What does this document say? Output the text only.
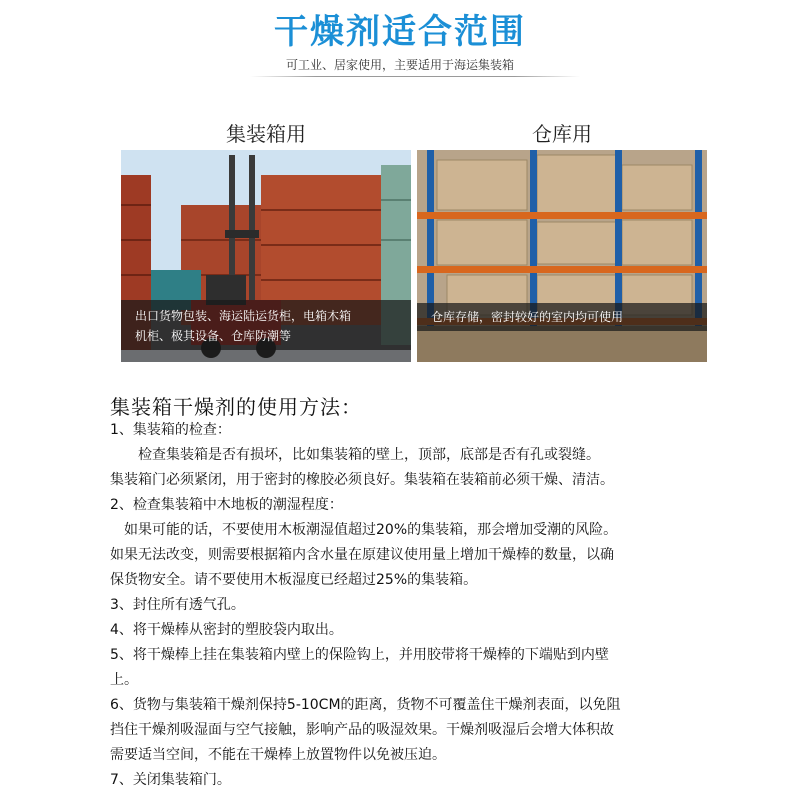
干燥剂适合范围
可工业、居家使用，主要适用于海运集装箱
集装箱用	仓库用
出口货物包装、海运陆运货柜，电箱木箱
机柜、极其设备、仓库防潮等
仓库存储，密封较好的室内均可使用
集装箱干燥剂的使用方法：
1、集装箱的检查：
　　检查集装箱是否有损坏，比如集装箱的壁上，顶部，底部是否有孔或裂缝。
集装箱门必须紧闭，用于密封的橡胶必须良好。集装箱在装箱前必须干燥、清洁。
2、检查集装箱中木地板的潮湿程度：
　如果可能的话，不要使用木板潮湿值超过20%的集装箱，那会增加受潮的风险。
如果无法改变，则需要根据箱内含水量在原建议使用量上增加干燥棒的数量，以确
保货物安全。请不要使用木板湿度已经超过25%的集装箱。
3、封住所有透气孔。
4、将干燥棒从密封的塑胶袋内取出。
5、将干燥棒上挂在集装箱内壁上的保险钩上，并用胶带将干燥棒的下端贴到内壁
上。
6、货物与集装箱干燥剂保持5-10CM的距离，货物不可覆盖住干燥剂表面，以免阻
挡住干燥剂吸湿面与空气接触，影响产品的吸湿效果。干燥剂吸湿后会增大体积故
需要适当空间，不能在干燥棒上放置物件以免被压迫。
7、关闭集装箱门。
